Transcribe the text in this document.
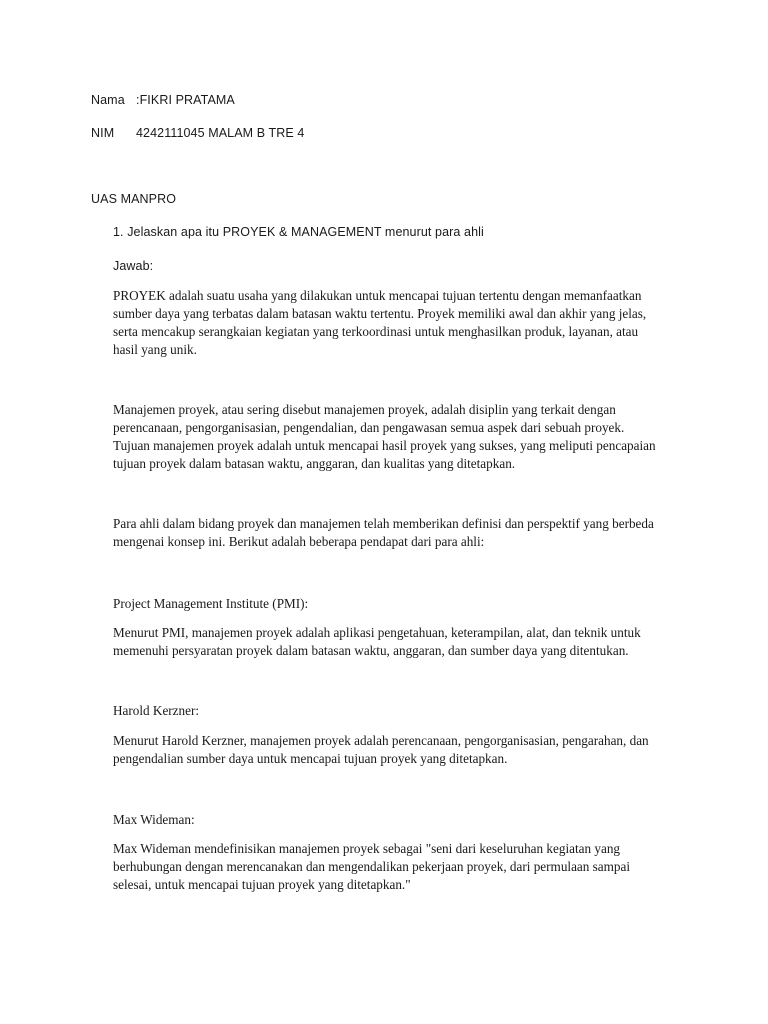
Nama :FIKRI PRATAMA
NIM 4242111045 MALAM B TRE 4
UAS MANPRO
1. Jelaskan apa itu PROYEK & MANAGEMENT menurut para ahli
Jawab:

PROYEK adalah suatu usaha yang dilakukan untuk mencapai tujuan tertentu dengan memanfaatkan sumber daya yang terbatas dalam batasan waktu tertentu. Proyek memiliki awal dan akhir yang jelas, serta mencakup serangkaian kegiatan yang terkoordinasi untuk menghasilkan produk, layanan, atau hasil yang unik.

Manajemen proyek, atau sering disebut manajemen proyek, adalah disiplin yang terkait dengan perencanaan, pengorganisasian, pengendalian, dan pengawasan semua aspek dari sebuah proyek. Tujuan manajemen proyek adalah untuk mencapai hasil proyek yang sukses, yang meliputi pencapaian tujuan proyek dalam batasan waktu, anggaran, dan kualitas yang ditetapkan.

Para ahli dalam bidang proyek dan manajemen telah memberikan definisi dan perspektif yang berbeda mengenai konsep ini. Berikut adalah beberapa pendapat dari para ahli:

Project Management Institute (PMI):

Menurut PMI, manajemen proyek adalah aplikasi pengetahuan, keterampilan, alat, dan teknik untuk memenuhi persyaratan proyek dalam batasan waktu, anggaran, dan sumber daya yang ditentukan.

Harold Kerzner:

Menurut Harold Kerzner, manajemen proyek adalah perencanaan, pengorganisasian, pengarahan, dan pengendalian sumber daya untuk mencapai tujuan proyek yang ditetapkan.

Max Wideman:

Max Wideman mendefinisikan manajemen proyek sebagai "seni dari keseluruhan kegiatan yang berhubungan dengan merencanakan dan mengendalikan pekerjaan proyek, dari permulaan sampai selesai, untuk mencapai tujuan proyek yang ditetapkan."
